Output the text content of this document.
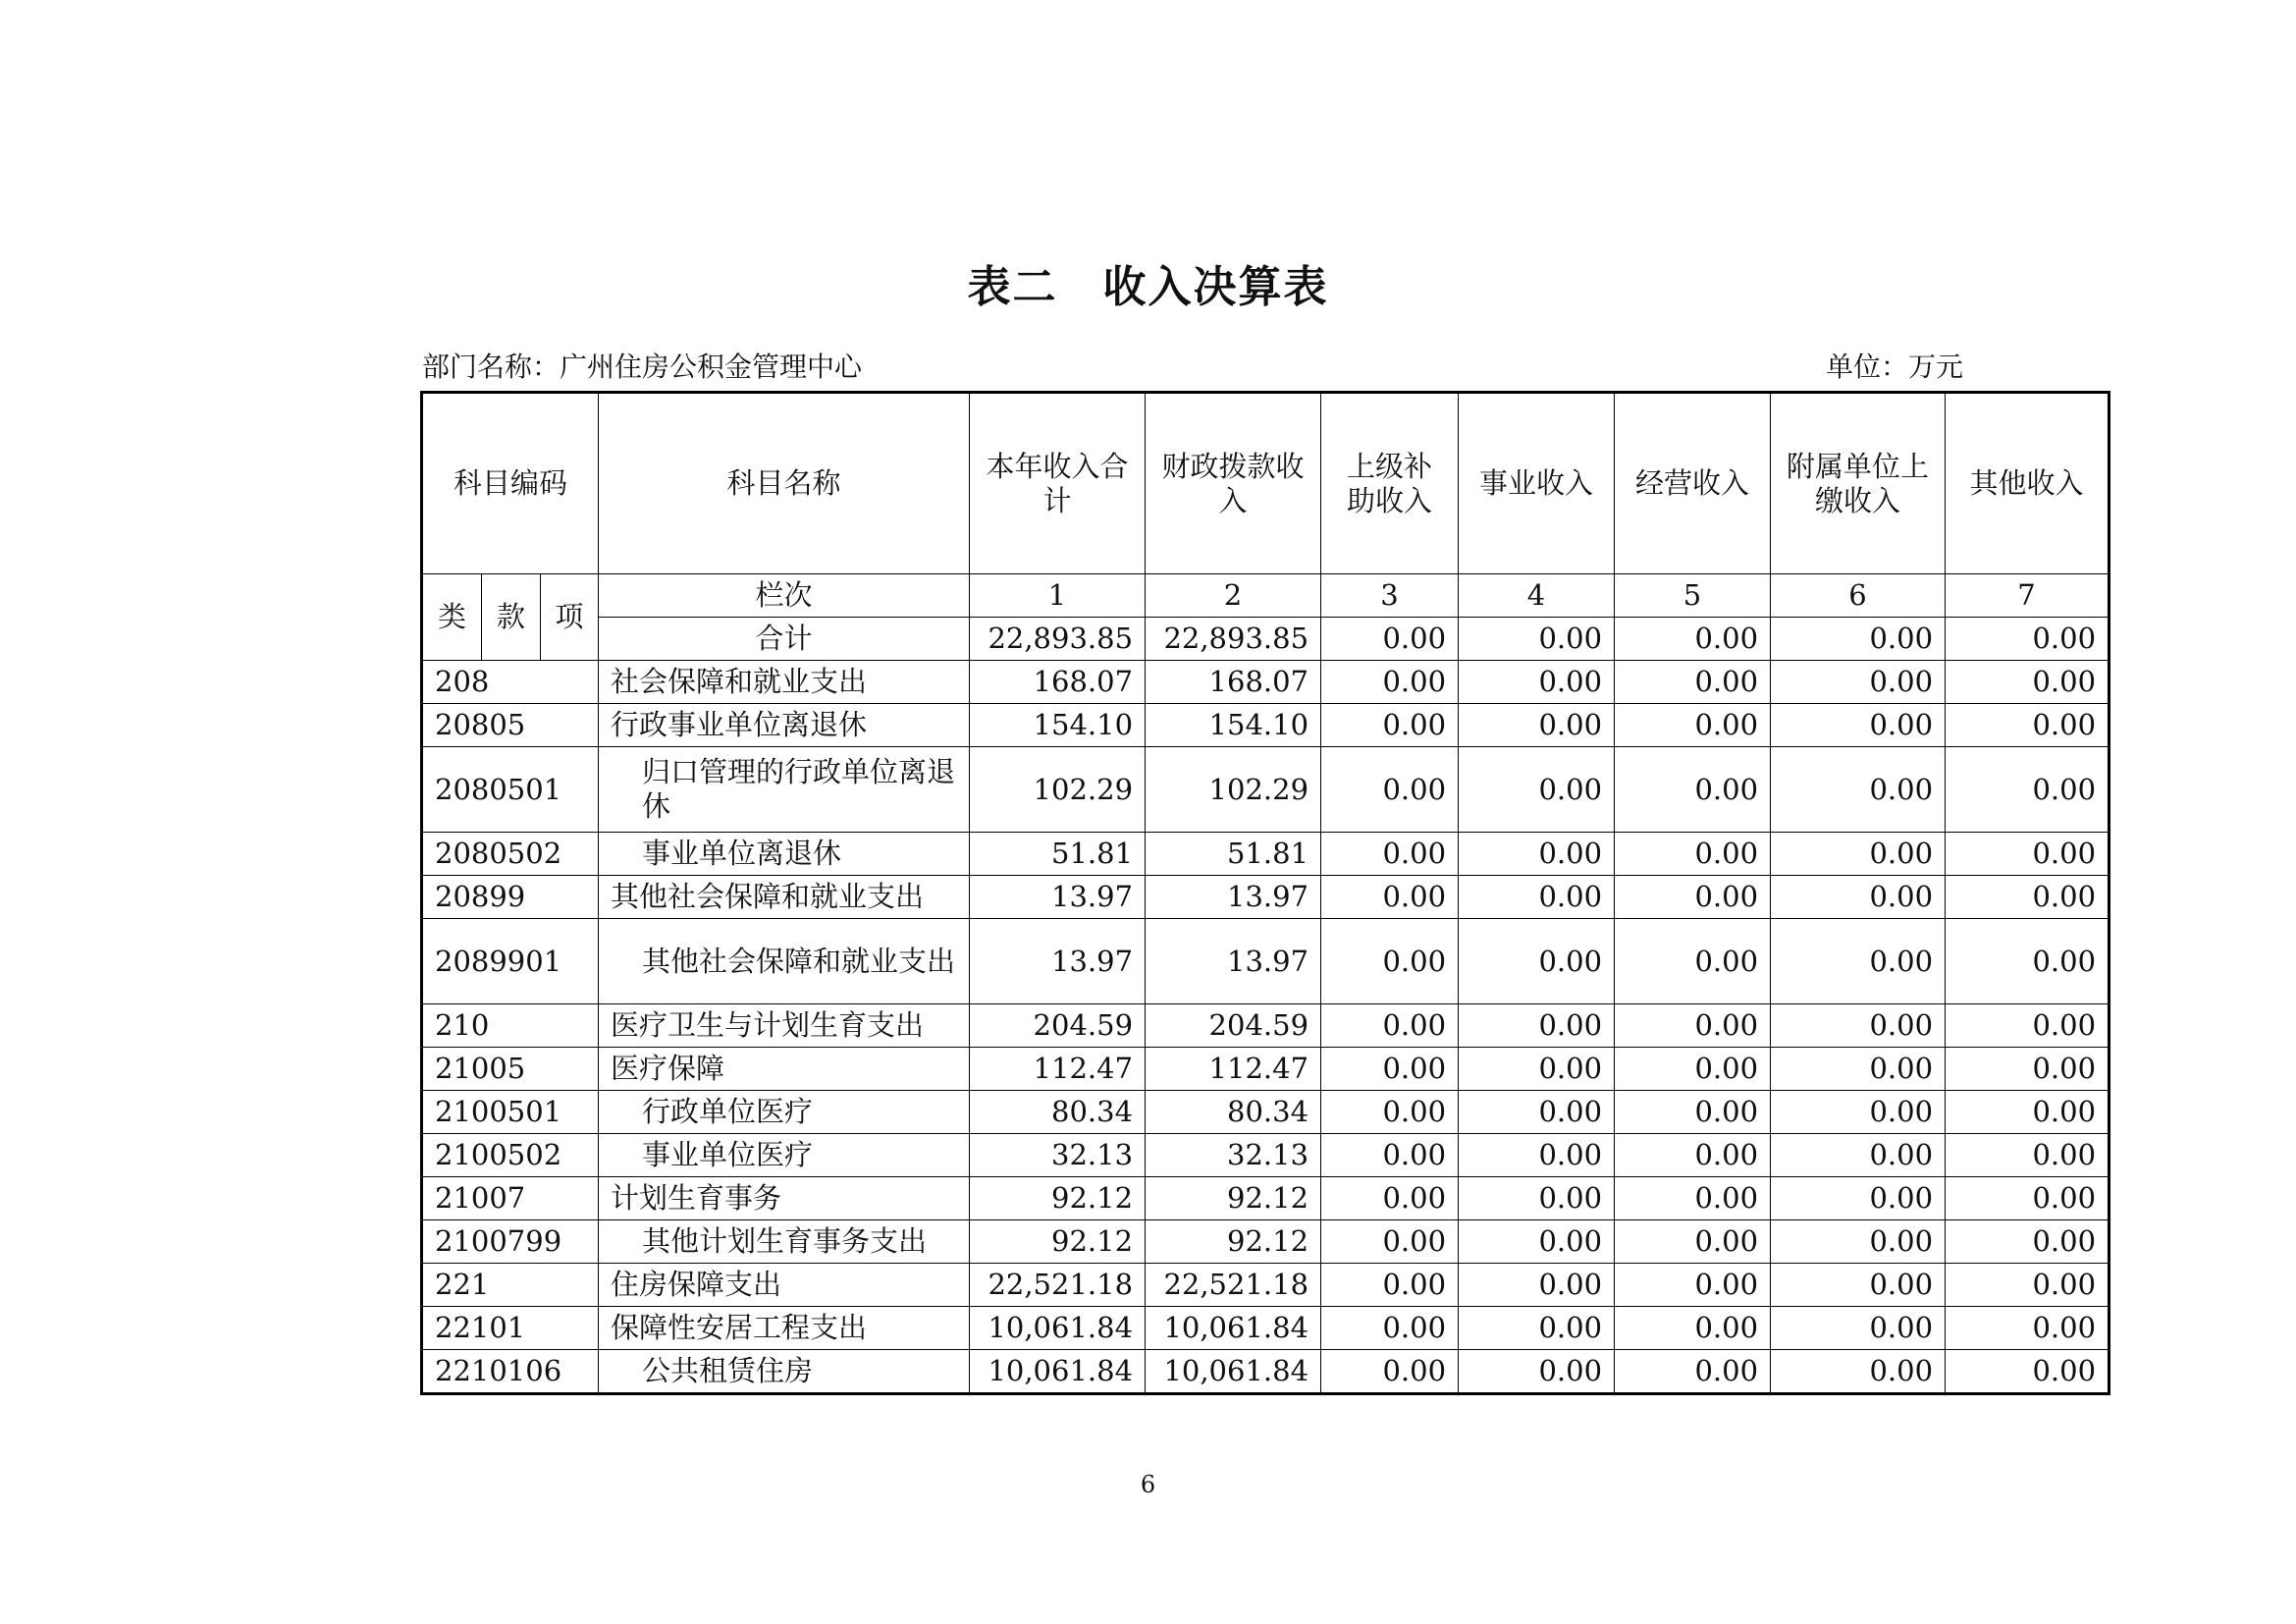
表二　收入决算表
部门名称：广州住房公积金管理中心	单位：万元
科目编码			科目名称	本年收入合计	财政拨款收入	上级补助收入	事业收入	经营收入	附属单位上缴收入	其他收入
类	款	项	栏次	1	2	3	4	5	6	7
			合计	22,893.85	22,893.85	0.00	0.00	0.00	0.00	0.00
208			社会保障和就业支出	168.07	168.07	0.00	0.00	0.00	0.00	0.00
20805			行政事业单位离退休	154.10	154.10	0.00	0.00	0.00	0.00	0.00
2080501			归口管理的行政单位离退休	102.29	102.29	0.00	0.00	0.00	0.00	0.00
2080502			事业单位离退休	51.81	51.81	0.00	0.00	0.00	0.00	0.00
20899			其他社会保障和就业支出	13.97	13.97	0.00	0.00	0.00	0.00	0.00
2089901			其他社会保障和就业支出	13.97	13.97	0.00	0.00	0.00	0.00	0.00
210			医疗卫生与计划生育支出	204.59	204.59	0.00	0.00	0.00	0.00	0.00
21005			医疗保障	112.47	112.47	0.00	0.00	0.00	0.00	0.00
2100501			行政单位医疗	80.34	80.34	0.00	0.00	0.00	0.00	0.00
2100502			事业单位医疗	32.13	32.13	0.00	0.00	0.00	0.00	0.00
21007			计划生育事务	92.12	92.12	0.00	0.00	0.00	0.00	0.00
2100799			其他计划生育事务支出	92.12	92.12	0.00	0.00	0.00	0.00	0.00
221			住房保障支出	22,521.18	22,521.18	0.00	0.00	0.00	0.00	0.00
22101			保障性安居工程支出	10,061.84	10,061.84	0.00	0.00	0.00	0.00	0.00
2210106			公共租赁住房	10,061.84	10,061.84	0.00	0.00	0.00	0.00	0.00
6
